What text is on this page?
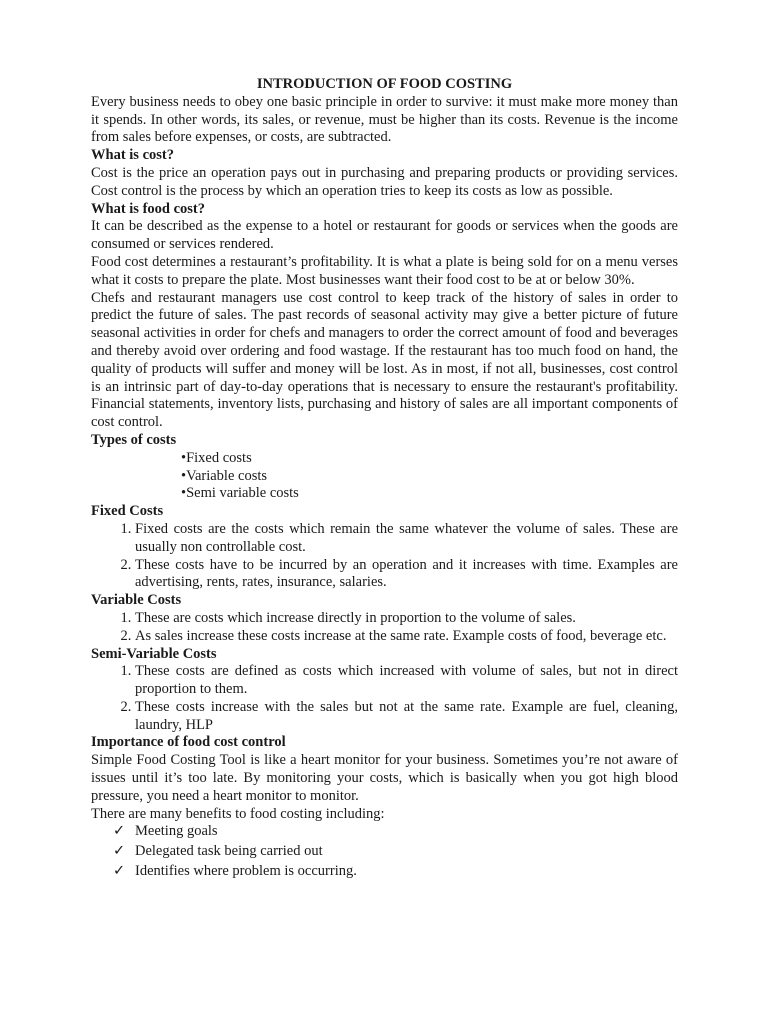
INTRODUCTION OF FOOD COSTING

Every business needs to obey one basic principle in order to survive: it must make more money than it spends. In other words, its sales, or revenue, must be higher than its costs. Revenue is the income from sales before expenses, or costs, are subtracted.

What is cost?

Cost is the price an operation pays out in purchasing and preparing products or providing services. Cost control is the process by which an operation tries to keep its costs as low as possible.

What is food cost?

It can be described as the expense to a hotel or restaurant for goods or services when the goods are consumed or services rendered.

Food cost determines a restaurant’s profitability. It is what a plate is being sold for on a menu verses what it costs to prepare the plate. Most businesses want their food cost to be at or below 30%.

Chefs and restaurant managers use cost control to keep track of the history of sales in order to predict the future of sales. The past records of seasonal activity may give a better picture of future seasonal activities in order for chefs and managers to order the correct amount of food and beverages and thereby avoid over ordering and food wastage. If the restaurant has too much food on hand, the quality of products will suffer and money will be lost. As in most, if not all, businesses, cost control is an intrinsic part of day-to-day operations that is necessary to ensure the restaurant's profitability. Financial statements, inventory lists, purchasing and history of sales are all important components of cost control.

Types of costs
• Fixed costs
• Variable costs
• Semi variable costs
Fixed Costs
1. Fixed costs are the costs which remain the same whatever the volume of sales. These are usually non controllable cost.
2. These costs have to be incurred by an operation and it increases with time. Examples are advertising, rents, rates, insurance, salaries.
Variable Costs
1. These are costs which increase directly in proportion to the volume of sales.
2. As sales increase these costs increase at the same rate. Example costs of food, beverage etc.
Semi-Variable Costs
1. These costs are defined as costs which increased with volume of sales, but not in direct proportion to them.
2. These costs increase with the sales but not at the same rate. Example are fuel, cleaning, laundry, HLP
Importance of food cost control

Simple Food Costing Tool is like a heart monitor for your business. Sometimes you’re not aware of issues until it’s too late. By monitoring your costs, which is basically when you got high blood pressure, you need a heart monitor to monitor.

There are many benefits to food costing including:

✓ Meeting goals
✓ Delegated task being carried out
✓ Identifies where problem is occurring.
